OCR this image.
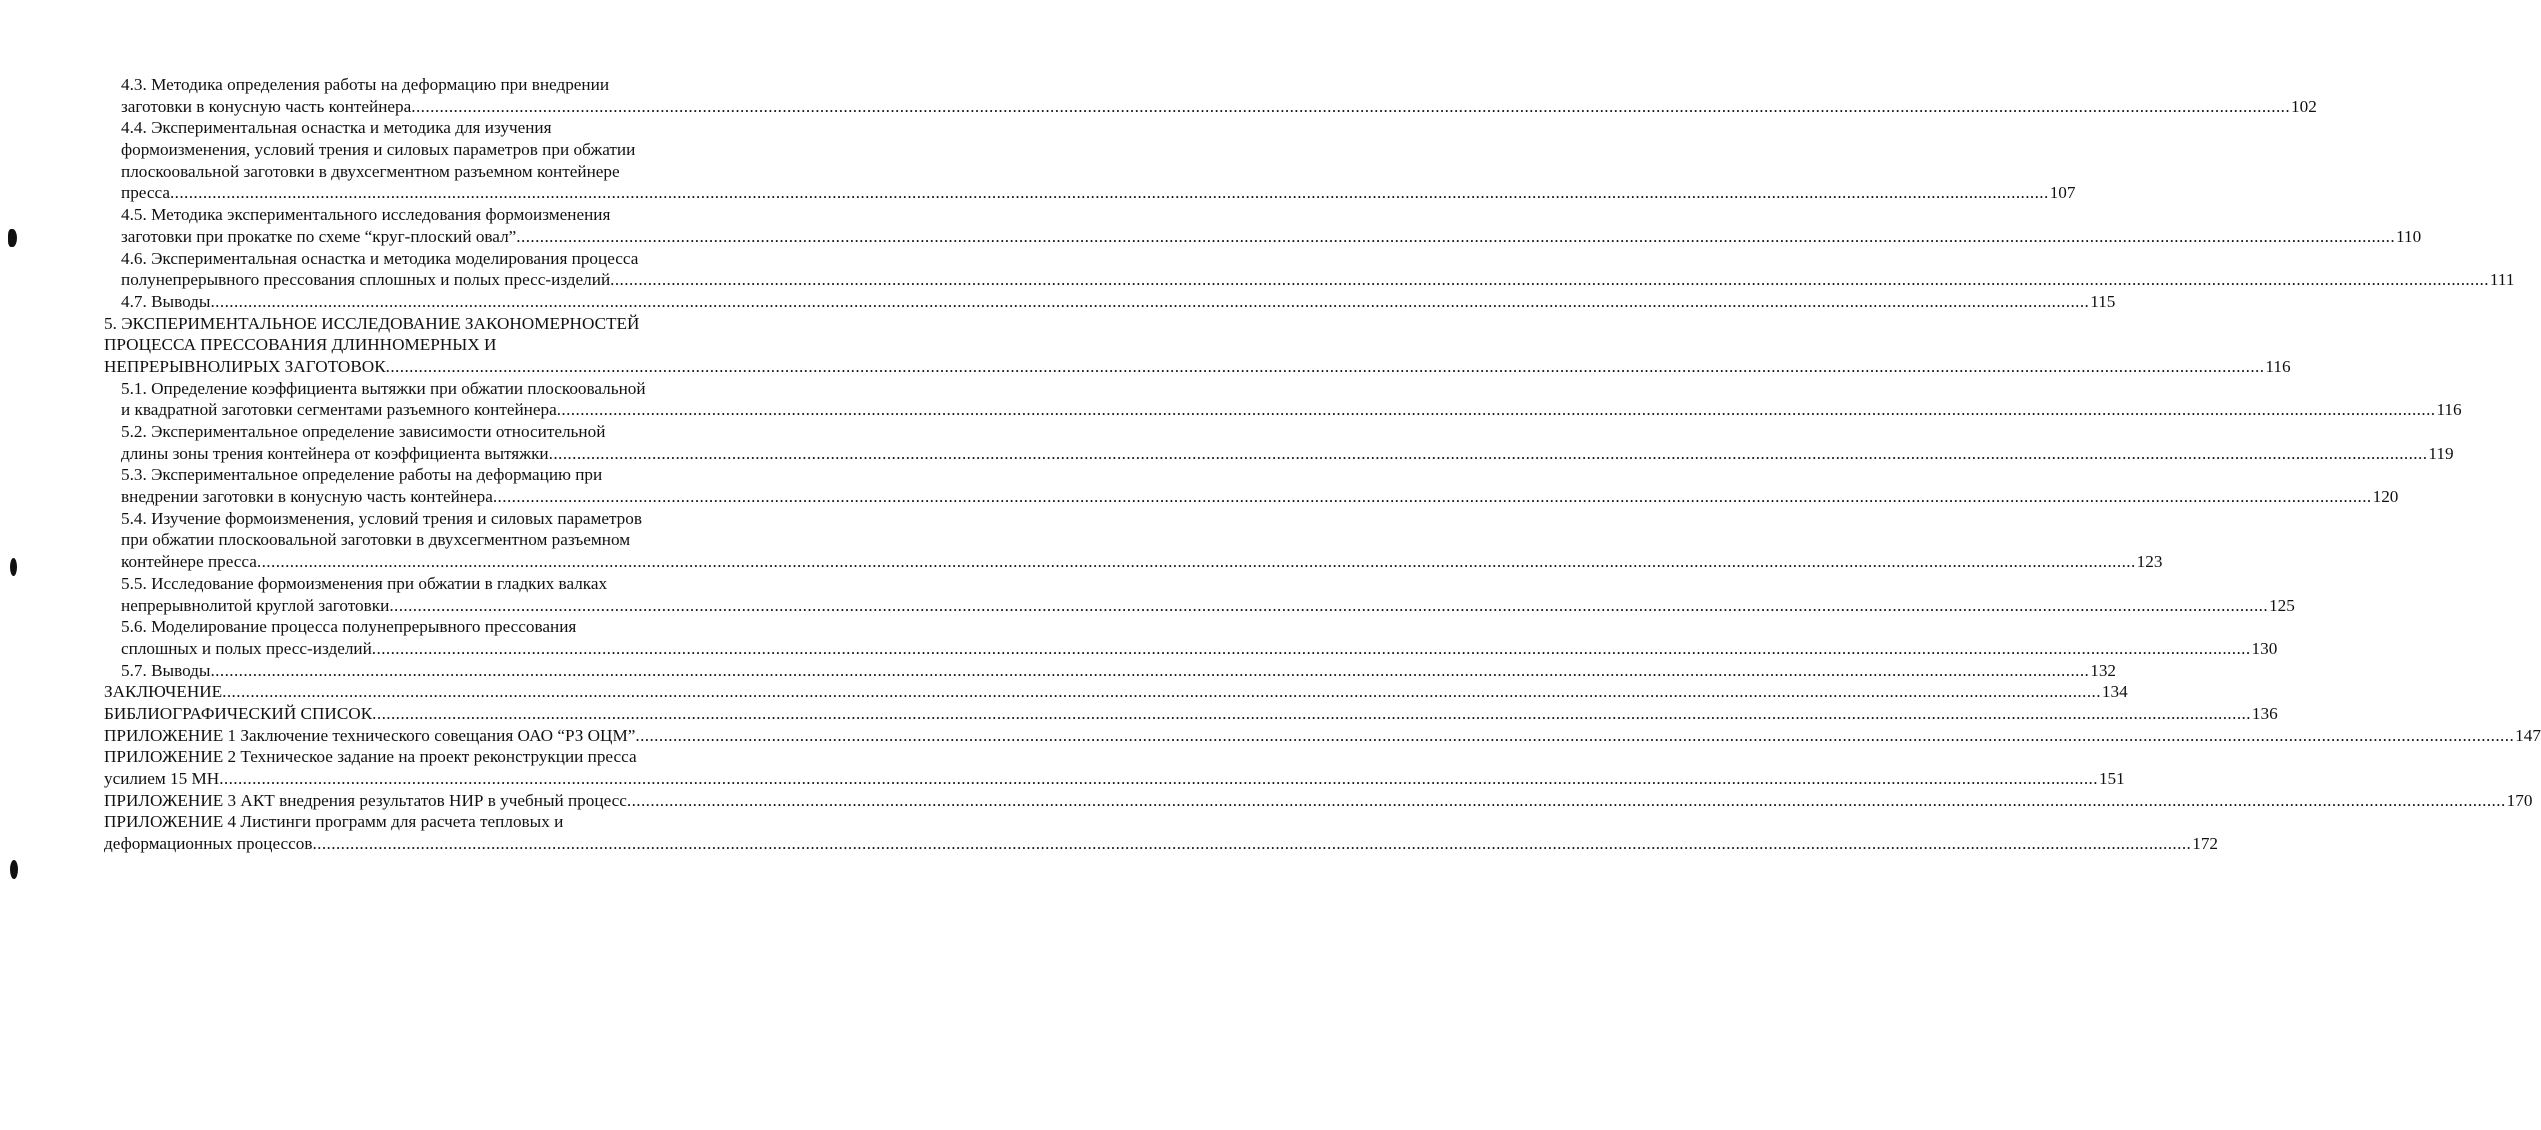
4.3. Методика определения работы на деформацию при внедрении
заготовки в конусную часть контейнера ................................................................................................................................................................................................................................................................................................................................................................................................................ 102
4.4. Экспериментальная оснастка и методика для изучения
формоизменения, условий трения и силовых параметров при обжатии
плоскоовальной заготовки в двухсегментном разъемном контейнере
пресса ................................................................................................................................................................................................................................................................................................................................................................................................................ 107
4.5. Методика экспериментального исследования формоизменения
заготовки при прокатке по схеме “круг-плоский овал” ................................................................................................................................................................................................................................................................................................................................................................................................................ 110
4.6. Экспериментальная оснастка и методика моделирования процесса
полунепрерывного прессования сплошных и полых пресс-изделий ................................................................................................................................................................................................................................................................................................................................................................................................................ 111
4.7. Выводы ................................................................................................................................................................................................................................................................................................................................................................................................................ 115
5. ЭКСПЕРИМЕНТАЛЬНОЕ ИССЛЕДОВАНИЕ ЗАКОНОМЕРНОСТЕЙ
ПРОЦЕССА ПРЕССОВАНИЯ ДЛИННОМЕРНЫХ И
НЕПРЕРЫВНОЛИРЫХ ЗАГОТОВОК ................................................................................................................................................................................................................................................................................................................................................................................................................ 116
5.1. Определение коэффициента вытяжки при обжатии плоскоовальной
и квадратной заготовки сегментами разъемного контейнера ................................................................................................................................................................................................................................................................................................................................................................................................................ 116
5.2. Экспериментальное определение зависимости относительной
длины зоны трения контейнера от коэффициента вытяжки ................................................................................................................................................................................................................................................................................................................................................................................................................ 119
5.3. Экспериментальное определение работы на деформацию при
внедрении заготовки в конусную часть контейнера ................................................................................................................................................................................................................................................................................................................................................................................................................ 120
5.4. Изучение формоизменения, условий трения и силовых параметров
при обжатии плоскоовальной заготовки в двухсегментном разъемном
контейнере пресса ................................................................................................................................................................................................................................................................................................................................................................................................................ 123
5.5. Исследование формоизменения при обжатии в гладких валках
непрерывнолитой круглой заготовки ................................................................................................................................................................................................................................................................................................................................................................................................................ 125
5.6. Моделирование процесса полунепрерывного прессования
сплошных и полых пресс-изделий ................................................................................................................................................................................................................................................................................................................................................................................................................ 130
5.7. Выводы ................................................................................................................................................................................................................................................................................................................................................................................................................ 132
ЗАКЛЮЧЕНИЕ ................................................................................................................................................................................................................................................................................................................................................................................................................ 134
БИБЛИОГРАФИЧЕСКИЙ СПИСОК ................................................................................................................................................................................................................................................................................................................................................................................................................ 136
ПРИЛОЖЕНИЕ 1 Заключение технического совещания ОАО “РЗ ОЦМ” ................................................................................................................................................................................................................................................................................................................................................................................................................ 147
ПРИЛОЖЕНИЕ 2 Техническое задание на проект реконструкции пресса
усилием 15 МН ................................................................................................................................................................................................................................................................................................................................................................................................................ 151
ПРИЛОЖЕНИЕ 3 АКТ внедрения результатов НИР в учебный процесс ................................................................................................................................................................................................................................................................................................................................................................................................................ 170
ПРИЛОЖЕНИЕ 4 Листинги программ для расчета тепловых и
деформационных процессов ................................................................................................................................................................................................................................................................................................................................................................................................................ 172
